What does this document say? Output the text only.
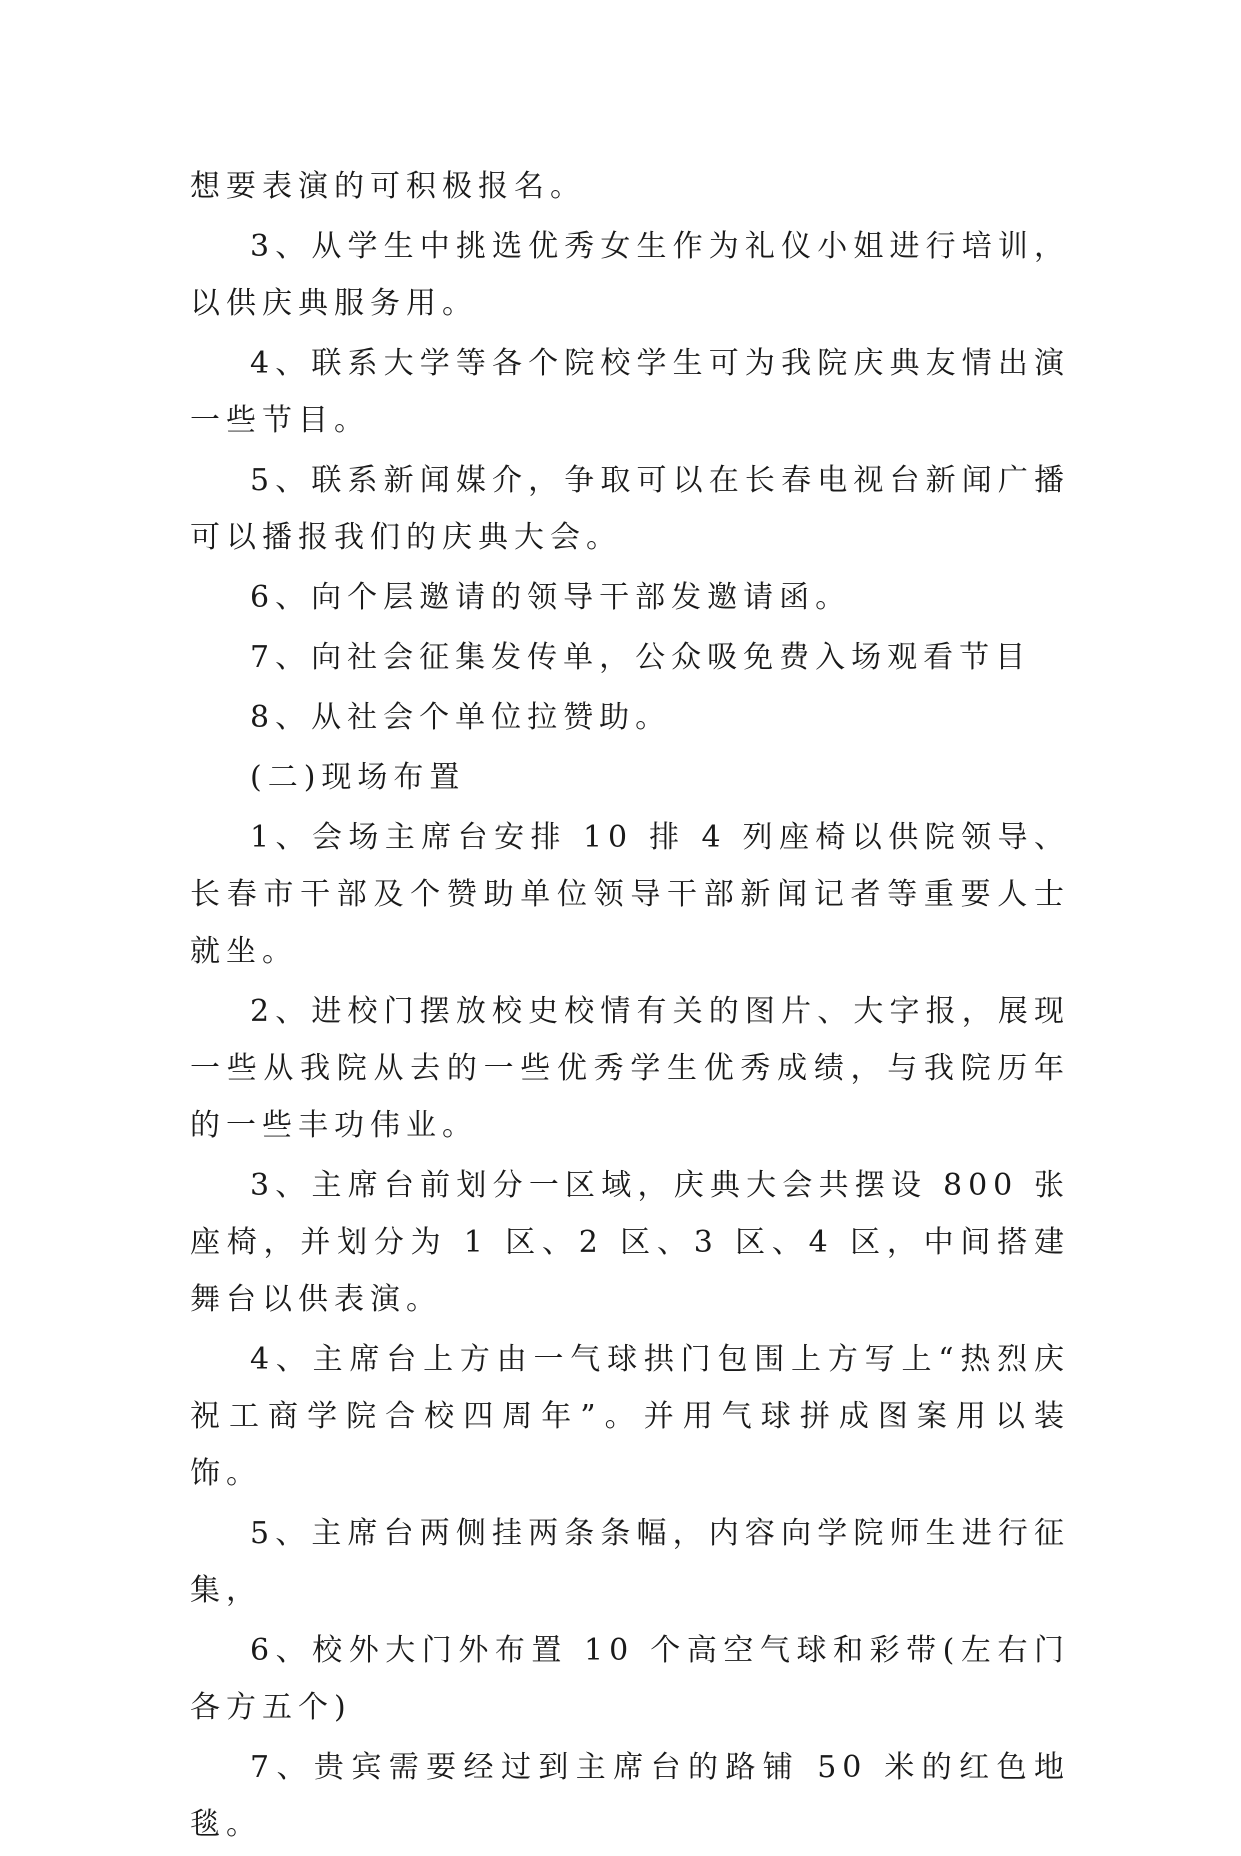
想要表演的可积极报名。

3、从学生中挑选优秀女生作为礼仪小姐进行培训，以供庆典服务用。

4、联系大学等各个院校学生可为我院庆典友情出演一些节目。

5、联系新闻媒介，争取可以在长春电视台新闻广播可以播报我们的庆典大会。

6、向个层邀请的领导干部发邀请函。

7、向社会征集发传单，公众吸免费入场观看节目

8、从社会个单位拉赞助。

(二)现场布置

1、会场主席台安排 10 排 4 列座椅以供院领导、长春市干部及个赞助单位领导干部新闻记者等重要人士就坐。

2、进校门摆放校史校情有关的图片、大字报，展现一些从我院从去的一些优秀学生优秀成绩，与我院历年的一些丰功伟业。

3、主席台前划分一区域，庆典大会共摆设 800 张座椅，并划分为 1 区、2 区、3 区、4 区，中间搭建舞台以供表演。

4、主席台上方由一气球拱门包围上方写上“热烈庆祝工商学院合校四周年”。并用气球拼成图案用以装饰。

5、主席台两侧挂两条条幅，内容向学院师生进行征集，

6、校外大门外布置 10 个高空气球和彩带(左右门各方五个)

7、贵宾需要经过到主席台的路铺 50 米的红色地毯。
